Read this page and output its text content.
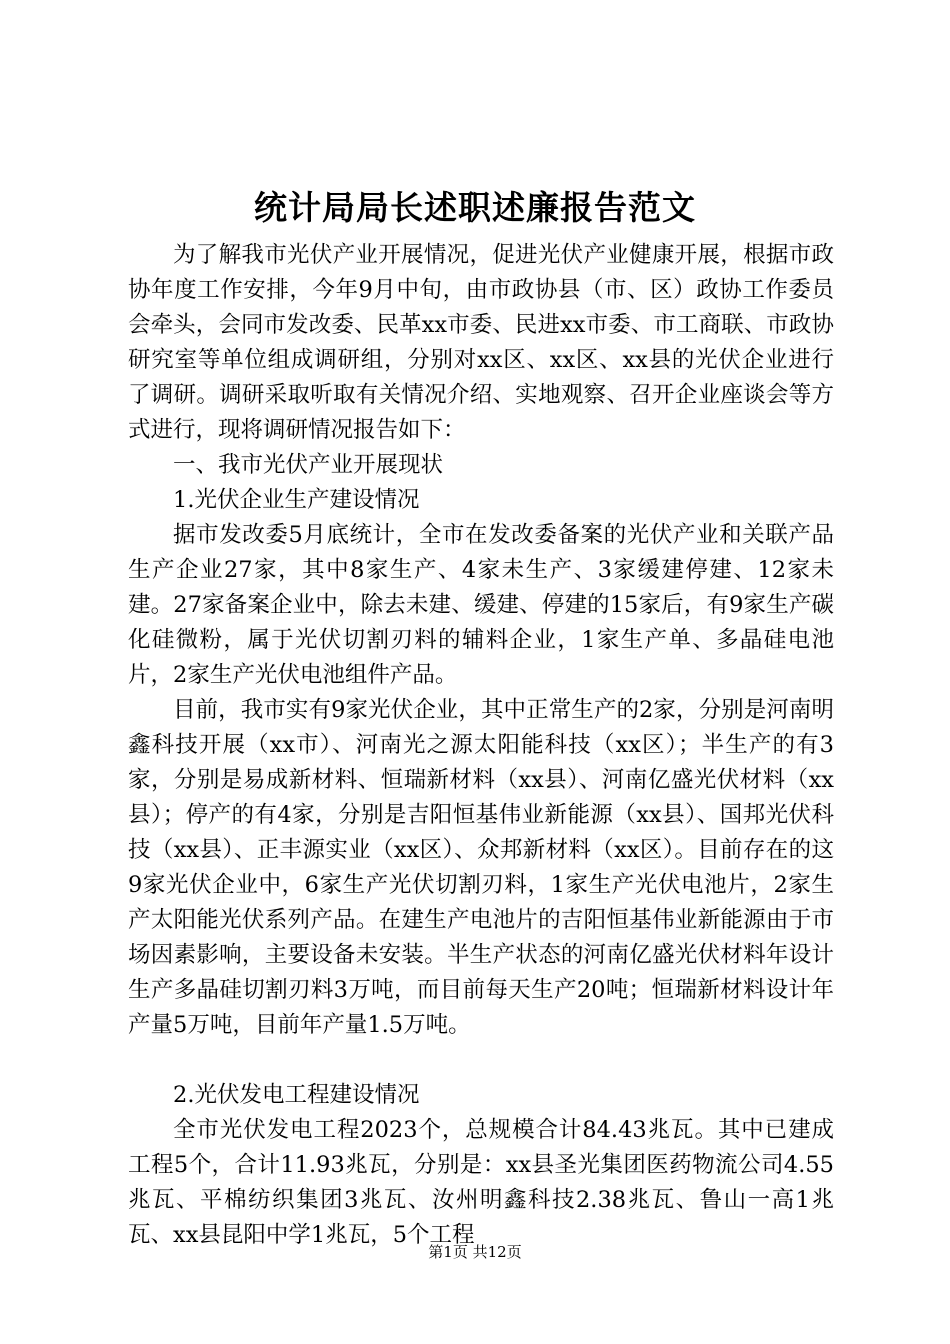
统计局局长述职述廉报告范文

为了解我市光伏产业开展情况，促进光伏产业健康开展，根据市政协年度工作安排，今年9月中旬，由市政协县（市、区）政协工作委员会牵头，会同市发改委、民革xx市委、民进xx市委、市工商联、市政协研究室等单位组成调研组，分别对xx区、xx区、xx县的光伏企业进行了调研。调研采取听取有关情况介绍、实地观察、召开企业座谈会等方式进行，现将调研情况报告如下：

一、我市光伏产业开展现状

1.光伏企业生产建设情况

据市发改委5月底统计，全市在发改委备案的光伏产业和关联产品生产企业27家，其中8家生产、4家未生产、3家缓建停建、12家未建。27家备案企业中，除去未建、缓建、停建的15家后，有9家生产碳化硅微粉，属于光伏切割刃料的辅料企业，1家生产单、多晶硅电池片，2家生产光伏电池组件产品。

目前，我市实有9家光伏企业，其中正常生产的2家，分别是河南明鑫科技开展（xx市）、河南光之源太阳能科技（xx区）；半生产的有3家，分别是易成新材料、恒瑞新材料（xx县）、河南亿盛光伏材料（xx县）；停产的有4家，分别是吉阳恒基伟业新能源（xx县）、国邦光伏科技（xx县）、正丰源实业（xx区）、众邦新材料（xx区）。目前存在的这9家光伏企业中，6家生产光伏切割刃料，1家生产光伏电池片，2家生产太阳能光伏系列产品。在建生产电池片的吉阳恒基伟业新能源由于市场因素影响，主要设备未安装。半生产状态的河南亿盛光伏材料年设计生产多晶硅切割刃料3万吨，而目前每天生产20吨；恒瑞新材料设计年产量5万吨，目前年产量1.5万吨。

2.光伏发电工程建设情况

全市光伏发电工程2023个，总规模合计84.43兆瓦。其中已建成工程5个，合计11.93兆瓦，分别是：xx县圣光集团医药物流公司4.55兆瓦、平棉纺织集团3兆瓦、汝州明鑫科技2.38兆瓦、鲁山一高1兆瓦、xx县昆阳中学1兆瓦，5个工程

第1页 共12页
